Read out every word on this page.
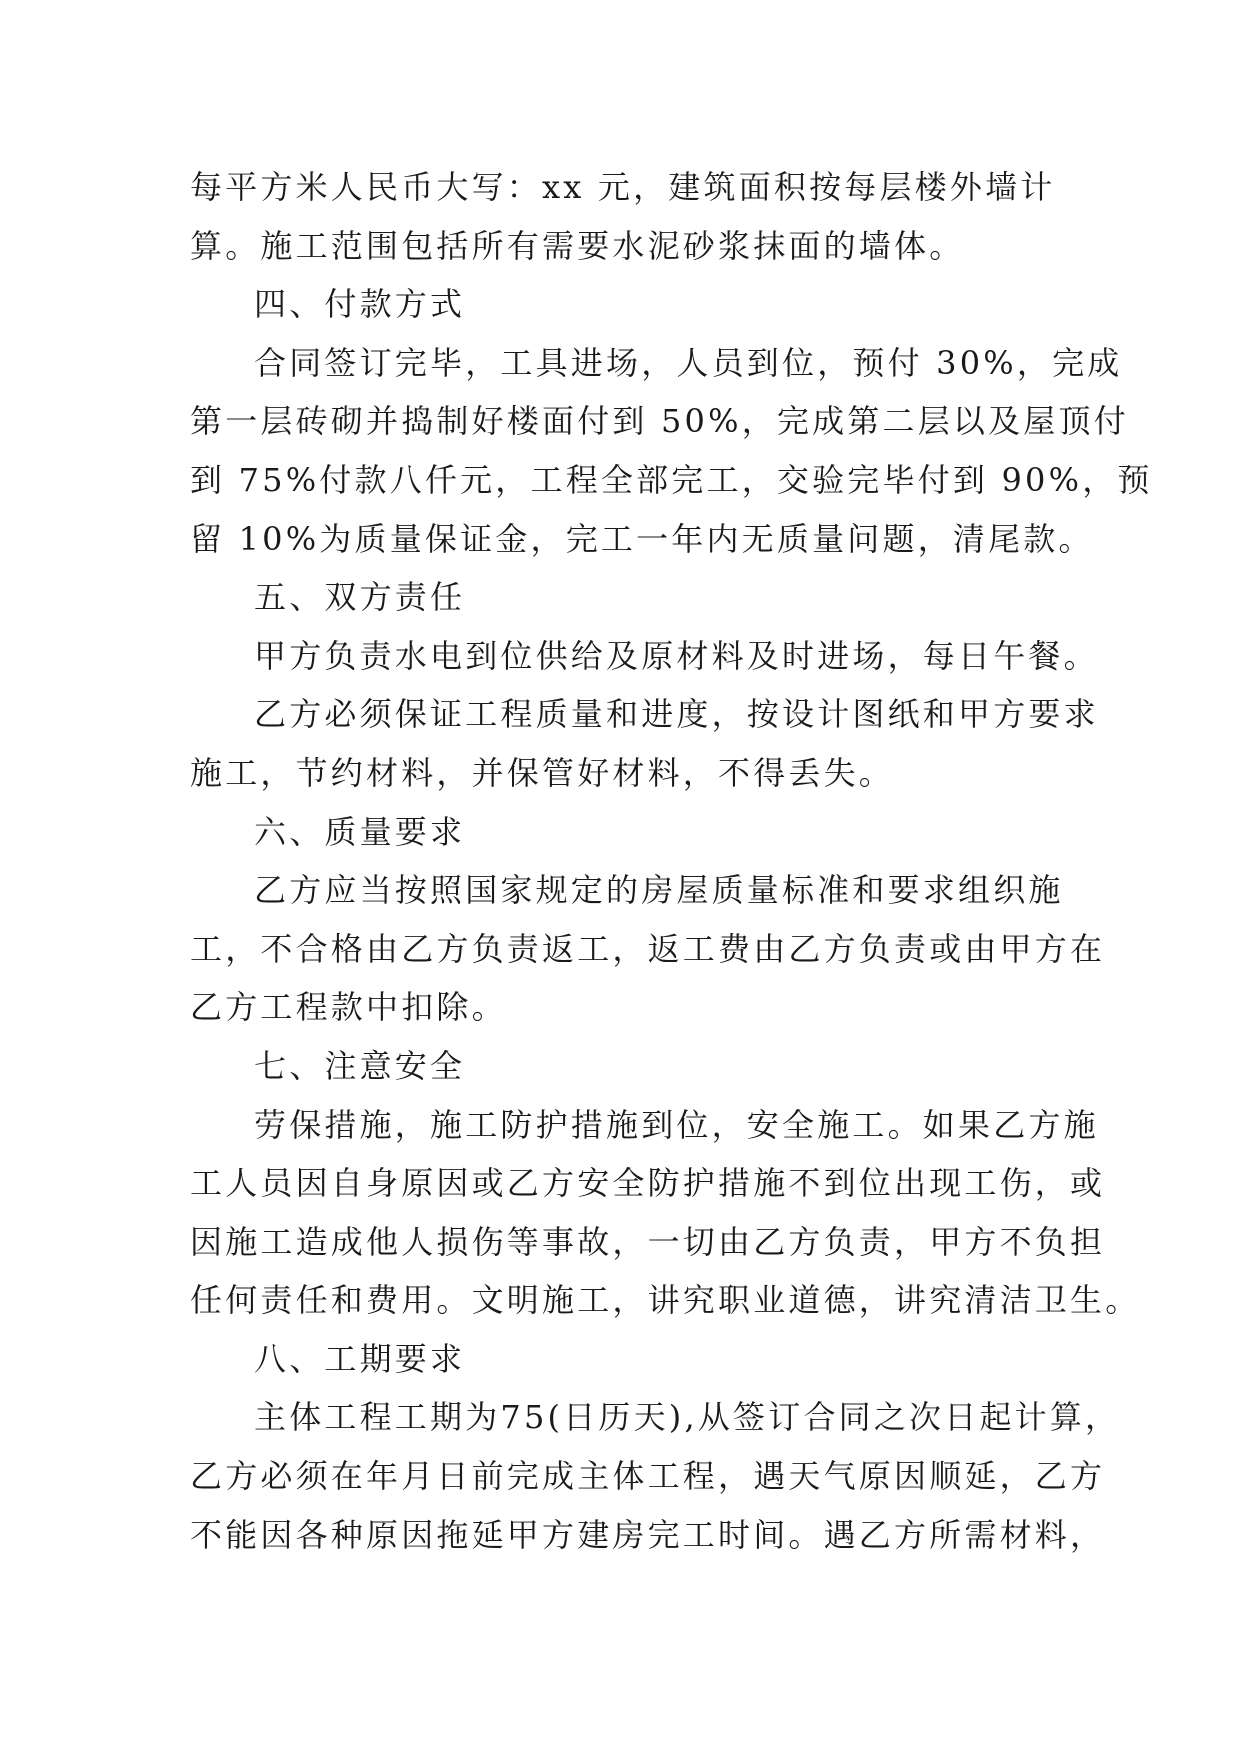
每平方米人民币大写：xx 元，建筑面积按每层楼外墙计
算。施工范围包括所有需要水泥砂浆抹面的墙体。
四、付款方式
合同签订完毕，工具进场，人员到位，预付 30%，完成
第一层砖砌并捣制好楼面付到 50%，完成第二层以及屋顶付
到 75%付款八仟元，工程全部完工，交验完毕付到 90%，预
留 10%为质量保证金，完工一年内无质量问题，清尾款。
五、双方责任
甲方负责水电到位供给及原材料及时进场，每日午餐。
乙方必须保证工程质量和进度，按设计图纸和甲方要求
施工，节约材料，并保管好材料，不得丢失。
六、质量要求
乙方应当按照国家规定的房屋质量标准和要求组织施
工，不合格由乙方负责返工，返工费由乙方负责或由甲方在
乙方工程款中扣除。
七、注意安全
劳保措施，施工防护措施到位，安全施工。如果乙方施
工人员因自身原因或乙方安全防护措施不到位出现工伤，或
因施工造成他人损伤等事故，一切由乙方负责，甲方不负担
任何责任和费用。文明施工，讲究职业道德，讲究清洁卫生。
八、工期要求
主体工程工期为75(日历天),从签订合同之次日起计算，
乙方必须在年月日前完成主体工程，遇天气原因顺延，乙方
不能因各种原因拖延甲方建房完工时间。遇乙方所需材料，
